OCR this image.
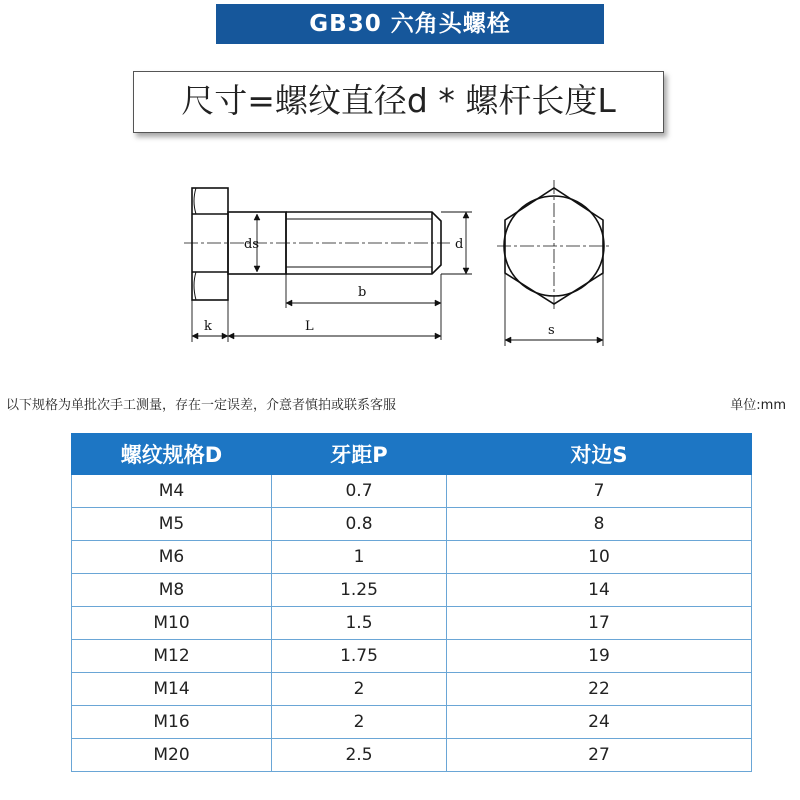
GB30 六角头螺栓
尺寸=螺纹直径d * 螺杆长度L
ds	d
b
k	L	s
以下规格为单批次手工测量，存在一定误差，介意者慎拍或联系客服	单位:mm
螺纹规格D	牙距P	对边S
M4	0.7	7
M5	0.8	8
M6	1	10
M8	1.25	14
M10	1.5	17
M12	1.75	19
M14	2	22
M16	2	24
M20	2.5	27
